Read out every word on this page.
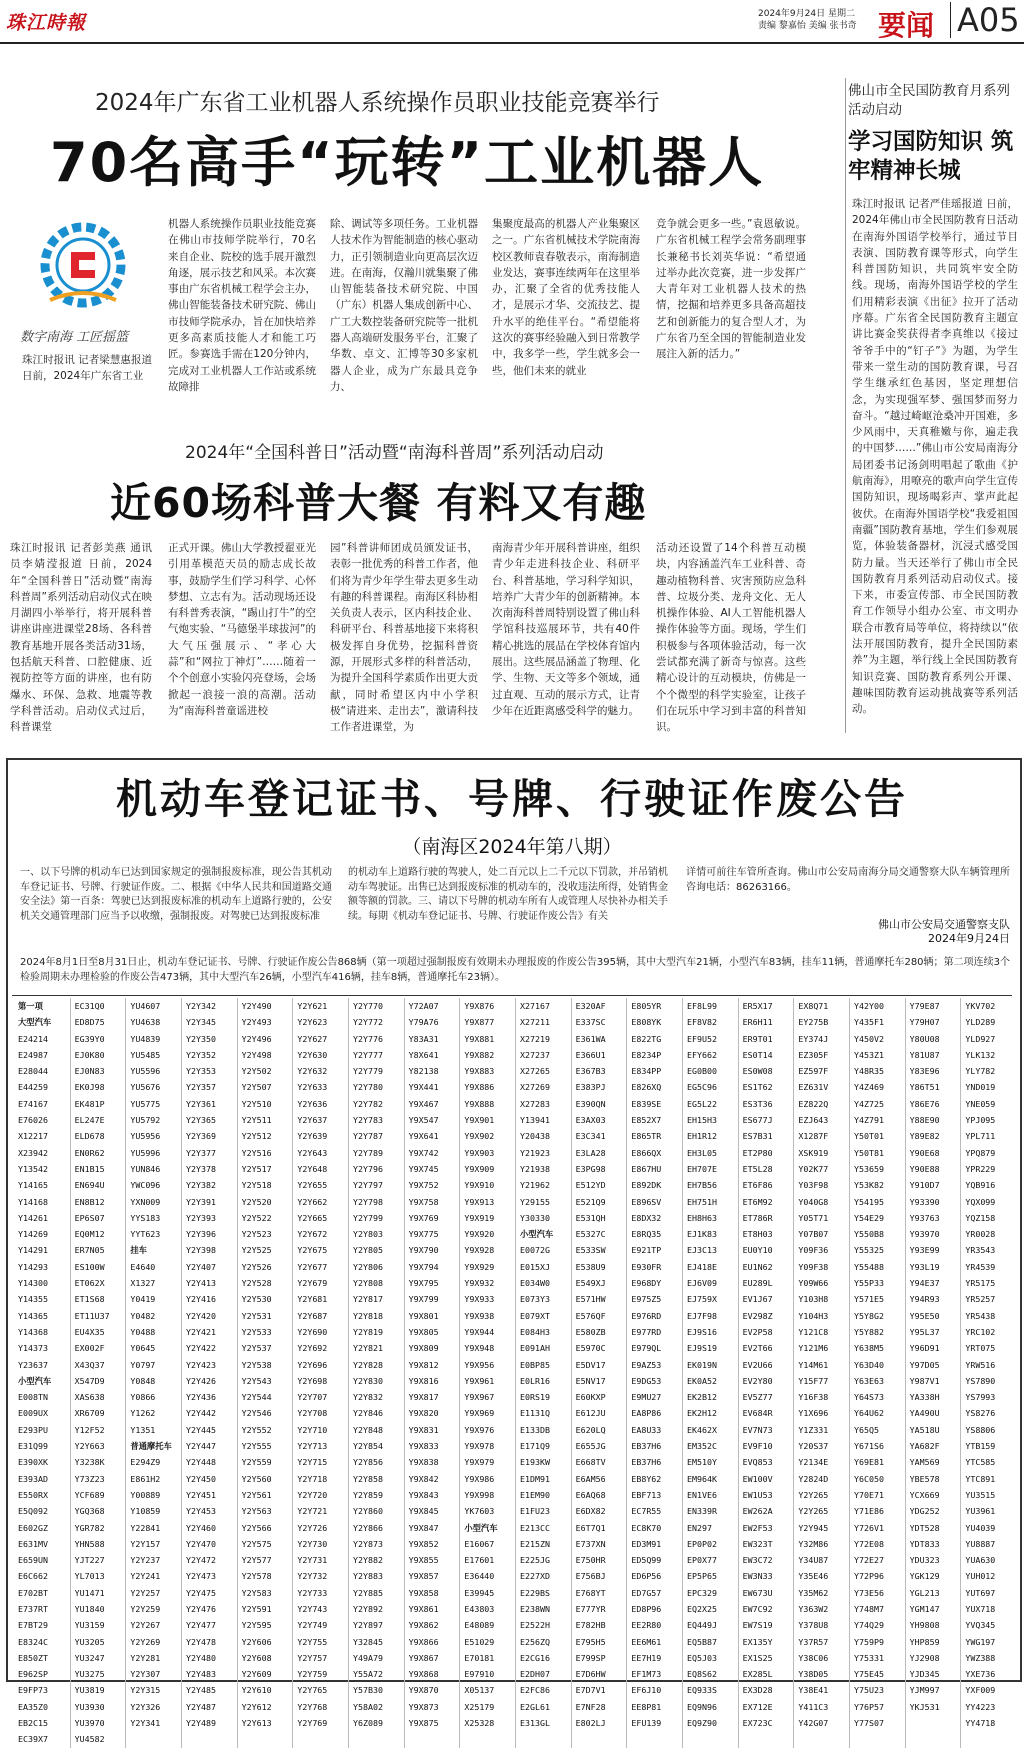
珠江時報	2024年9月24日 星期二
责编 黎嘉怡 美编 张书奇 要闻 A05
2024年广东省工业机器人系统操作员职业技能竞赛举行
70名高手“玩转”工业机器人
数字南海 工匠摇篮
珠江时报讯 记者梁慧惠报道 日前，2024年广东省工业
机器人系统操作员职业技能竞赛在佛山市技师学院举行，70名来自企业、院校的选手展开激烈角逐，展示技艺和风采。本次赛事由广东省机械工程学会主办，佛山智能装备技术研究院、佛山市技师学院承办，旨在加快培养更多高素质技能人才和能工巧匠。参赛选手需在120分钟内，完成对工业机器人工作站或系统故障排
除、调试等多项任务。工业机器人技术作为智能制造的核心驱动力，正引领制造业向更高层次迈进。在南海，仅瀚川就集聚了佛山智能装备技术研究院、中国（广东）机器人集成创新中心、广工大数控装备研究院等一批机器人高端研发服务平台，汇聚了华数、卓文、汇博等30多家机器人企业，成为广东最具竞争力、
集聚度最高的机器人产业集聚区之一。广东省机械技术学院南海校区教师袁春敬表示，南海制造业发达，赛事连续两年在这里举办，汇聚了全省的优秀技能人才，是展示才华、交流技艺、提升水平的绝佳平台。“希望能将这次的赛事经验融入到日常教学中，我多学一些，学生就多会一些，他们未来的就业
竞争就会更多一些。”袁恩敏说。广东省机械工程学会常务副理事长兼秘书长刘英华说：“希望通过举办此次竞赛，进一步发挥广大青年对工业机器人技术的热情，挖掘和培养更多具备高超技艺和创新能力的复合型人才，为广东省乃至全国的智能制造业发展注入新的活力。”
佛山市全民国防教育月系列活动启动
学习国防知识 筑牢精神长城
珠江时报讯 记者严佳瑶报道 日前，2024年佛山市全民国防教育日活动在南海外国语学校举行，通过节目表演、国防教育课等形式，向学生科普国防知识，共同筑牢安全防线。现场，南海外国语学校的学生们用精彩表演《出征》拉开了活动序幕。广东省全民国防教育主题宣讲比赛金奖获得者李真维以《接过爷爷手中的“钉子”》为题，为学生带来一堂生动的国防教育课，号召学生继承红色基因，坚定理想信念，为实现强军梦、强国梦而努力奋斗。“越过崎岖沧桑冲开国难，多少风雨中，天真稚嫩与你，遍走我的中国梦……”佛山市公安局南海分局团委书记汤剑明唱起了歌曲《护航南海》，用嘹亮的歌声向学生宣传国防知识，现场喝彩声、掌声此起彼伏。在南海外国语学校“我爱祖国南疆”国防教育基地，学生们参观展览，体验装备器材，沉浸式感受国防力量。当天还举行了佛山市全民国防教育月系列活动启动仪式。接下来，市委宣传部、市全民国防教育工作领导小组办公室、市文明办联合市教育局等单位，将持续以“依法开展国防教育，提升全民国防素养”为主题，举行线上全民国防教育知识竞赛、国防教育系列公开课、趣味国防教育运动挑战赛等系列活动。
2024年“全国科普日”活动暨“南海科普周”系列活动启动
近60场科普大餐 有料又有趣
珠江时报讯 记者彭美燕 通讯员李婧滢报道 日前，2024年“全国科普日”活动暨“南海科普周”系列活动启动仪式在映月湖四小举举行，将开展科普讲座讲座进课堂28场、各科普教育基地开展各类活动31场，包括航天科普、口腔健康、近视防控等方面的讲座，也有防爆水、环保、急救、地震等教学科普活动。启动仪式过后，科普课堂
正式开课。佛山大学教授翟亚光引用革模范天员的励志成长故事，鼓励学生们学习科学、心怀梦想、立志有为。活动现场还设有科普秀表演，“踢山打牛”的空气炮实验、“马德堡半球拔河”的大气压强展示、“孝心大蒜”和“网拉丁神灯”……随着一个个创意小实验闪亮登场，会场掀起一浪接一浪的高潮。活动为“南海科普童谣进校
园”科普讲师团成员颁发证书，表彰一批优秀的科普工作者，他们将为青少年学生带去更多生动有趣的科普课程。南海区科协相关负责人表示，区内科技企业、科研平台、科普基地接下来将积极发挥自身优势，挖掘科普资源，开展形式多样的科普活动，为提升全国科学素质作出更大贡献，同时希望区内中小学积极“请进来、走出去”，激请科技工作者进课堂，为
南海青少年开展科普讲座，组织青少年走进科技企业、科研平台、科普基地，学习科学知识，培养广大青少年的创新精神。本次南海科普周特别设置了佛山科学馆科技巡展环节，共有40件精心挑选的展品在学校体育馆内展出。这些展品涵盖了物理、化学、生物、天文等多个领域，通过直观、互动的展示方式，让青少年在近距离感受科学的魅力。
活动还设置了14个科普互动模块，内容涵盖汽车工业科普、奇趣动植物科普、灾害预防应急科普、垃圾分类、龙舟文化、无人机操作体验、AI人工智能机器人操作体验等方面。现场，学生们积极参与各项体验活动，每一次尝试都充满了新奇与惊喜。这些精心设计的互动模块，仿佛是一个个微型的科学实验室，让孩子们在玩乐中学习到丰富的科普知识。
机动车登记证书、号牌、行驶证作废公告
（南海区2024年第八期）
一、以下号牌的机动车已达到国家规定的强制报废标准，现公告其机动车登记证书、号牌、行驶证作废。二、根据《中华人民共和国道路交通安全法》第一百条：驾驶已达到报废标准的机动车上道路行驶的，公安机关交通管理部门应当予以收缴，强制报废。对驾驶已达到报废标准
的机动车上道路行驶的驾驶人，处二百元以上二千元以下罚款，并吊销机动车驾驶证。出售已达到报废标准的机动车的，没收违法所得，处销售金额等额的罚款。三、请以下号牌的机动车所有人或管理人尽快补办相关手续。每期《机动车登记证书、号牌、行驶证作废公告》有关
详情可前往车管所查询。佛山市公安局南海分局交通警察大队车辆管理所咨询电话：86263166。
佛山市公安局交通警察支队
2024年9月24日
2024年8月1日至8月31日止，机动车登记证书、号牌、行驶证作废公告868辆（第一项超过强制报废有效期未办理报废的作废公告395辆，其中大型汽车21辆，小型汽车83辆，挂车11辆，普通摩托车280辆；第二项连续3个检验周期未办理检验的作废公告473辆，其中大型汽车26辆，小型汽车416辆，挂车8辆，普通摩托车23辆）。
第一项
大型汽车
E24214
E24987
E28044
E44259
E74167
E76026
X12217
X23942
Y13542
Y14165
Y14168
Y14261
Y14269
Y14291
Y14293
Y14300
Y14355
Y14365
Y14368
Y14373
Y23637
小型汽车
E008TN
E009UX
E293PU
E31Q99
E390XK
E393AD
E550RX
E5Q092
E602GZ
E631MV
E659UN
E6C662
E702BT
E737RT
E7BT29
E8324C
E850ZT
E962SP
E9FP73
EA35Z0
EB2C15
EC39X7
EC31Q0
ED8D75
EG39Y0
EJ0K80
EJ0N83
EK0J98
EK481P
EL247E
ELD678
EN0R62
EN1B15
EN694U
EN8B12
EP6S07
EQ0M12
ER7N05
ES100W
ET062X
ET1S68
ET11U37
EU4X35
EX002F
X43Q37
X547D9
XAS638
XR6709
Y12F52
Y2Y663
Y3238K
Y73Z23
YCF689
YGQ368
YGR782
YHN588
YJT227
YL7013
YU1471
YU1840
YU3159
YU3205
YU3247
YU3275
YU3819
YU3930
YU3970
YU4582
YU4607
YU4638
YU4839
YU5485
YU5596
YU5676
YU5775
YU5792
YU5956
YU5996
YUN846
YWC096
YXN009
YYS183
YYT623
挂车
E4640
X1327
Y0419
Y0482
Y0488
Y0645
Y0797
Y0848
Y0866
Y1262
Y1351
普通摩托车
E294Z9
E861H2
Y00889
Y10859
Y22841
Y2Y157
Y2Y237
Y2Y241
Y2Y257
Y2Y259
Y2Y267
Y2Y269
Y2Y281
Y2Y307
Y2Y315
Y2Y326
Y2Y341
Y2Y342
Y2Y345
Y2Y350
Y2Y352
Y2Y353
Y2Y357
Y2Y361
Y2Y365
Y2Y369
Y2Y377
Y2Y378
Y2Y382
Y2Y391
Y2Y393
Y2Y396
Y2Y398
Y2Y407
Y2Y413
Y2Y416
Y2Y420
Y2Y421
Y2Y422
Y2Y423
Y2Y426
Y2Y436
Y2Y442
Y2Y445
Y2Y447
Y2Y448
Y2Y450
Y2Y451
Y2Y453
Y2Y460
Y2Y470
Y2Y472
Y2Y473
Y2Y475
Y2Y476
Y2Y477
Y2Y478
Y2Y480
Y2Y483
Y2Y485
Y2Y487
Y2Y489
Y2Y490
Y2Y493
Y2Y496
Y2Y498
Y2Y502
Y2Y507
Y2Y510
Y2Y511
Y2Y512
Y2Y516
Y2Y517
Y2Y518
Y2Y520
Y2Y522
Y2Y523
Y2Y525
Y2Y526
Y2Y528
Y2Y530
Y2Y531
Y2Y533
Y2Y537
Y2Y538
Y2Y543
Y2Y544
Y2Y546
Y2Y552
Y2Y555
Y2Y559
Y2Y560
Y2Y561
Y2Y563
Y2Y566
Y2Y575
Y2Y577
Y2Y578
Y2Y583
Y2Y591
Y2Y595
Y2Y606
Y2Y608
Y2Y609
Y2Y610
Y2Y612
Y2Y613
Y2Y621
Y2Y623
Y2Y627
Y2Y630
Y2Y632
Y2Y633
Y2Y636
Y2Y637
Y2Y639
Y2Y643
Y2Y648
Y2Y655
Y2Y662
Y2Y665
Y2Y672
Y2Y675
Y2Y677
Y2Y679
Y2Y681
Y2Y687
Y2Y690
Y2Y692
Y2Y696
Y2Y698
Y2Y707
Y2Y708
Y2Y710
Y2Y713
Y2Y715
Y2Y718
Y2Y720
Y2Y721
Y2Y726
Y2Y730
Y2Y731
Y2Y732
Y2Y733
Y2Y743
Y2Y749
Y2Y755
Y2Y757
Y2Y759
Y2Y765
Y2Y768
Y2Y769
Y2Y770
Y2Y772
Y2Y776
Y2Y777
Y2Y779
Y2Y780
Y2Y782
Y2Y783
Y2Y787
Y2Y789
Y2Y796
Y2Y797
Y2Y798
Y2Y799
Y2Y803
Y2Y805
Y2Y806
Y2Y808
Y2Y817
Y2Y818
Y2Y819
Y2Y821
Y2Y828
Y2Y830
Y2Y832
Y2Y846
Y2Y848
Y2Y854
Y2Y856
Y2Y858
Y2Y859
Y2Y860
Y2Y866
Y2Y873
Y2Y882
Y2Y883
Y2Y885
Y2Y892
Y2Y897
Y32845
Y49A79
Y55A72
Y57B30
Y58A02
Y6Z089
Y72A07
Y79A76
Y83A31
Y8X641
Y82138
Y9X441
Y9X467
Y9X547
Y9X641
Y9X742
Y9X745
Y9X752
Y9X758
Y9X769
Y9X775
Y9X790
Y9X794
Y9X795
Y9X799
Y9X801
Y9X805
Y9X809
Y9X812
Y9X816
Y9X817
Y9X820
Y9X831
Y9X833
Y9X838
Y9X842
Y9X843
Y9X845
Y9X847
Y9X852
Y9X855
Y9X857
Y9X858
Y9X861
Y9X862
Y9X866
Y9X867
Y9X868
Y9X870
Y9X873
Y9X875
Y9X876
Y9X877
Y9X881
Y9X882
Y9X883
Y9X886
Y9X888
Y9X901
Y9X902
Y9X903
Y9X909
Y9X910
Y9X913
Y9X919
Y9X920
Y9X928
Y9X929
Y9X932
Y9X933
Y9X938
Y9X944
Y9X948
Y9X956
Y9X961
Y9X967
Y9X969
Y9X976
Y9X978
Y9X979
Y9X986
Y9X998
YK7603
小型汽车
E16067
E17601
E36440
E39945
E43803
E48089
E51029
E70181
E97910
X05137
X25179
X25328
X27167
X27211
X27219
X27237
X27265
X27269
X27283
Y13941
Y20438
Y21923
Y21938
Y21962
Y29155
Y30330
小型汽车
E0072G
E015XJ
E034W0
E073Y3
E079XT
E084H3
E091AH
E0BP85
E0LR16
E0RS19
E1131Q
E133DB
E171Q9
E193KW
E1DM91
E1EM90
E1FU23
E213CC
E215ZN
E225JG
E227XD
E229BS
E238WN
E2522H
E256ZQ
E2CG16
E2DH07
E2FC86
E2GL61
E313GL
E320AF
E337SC
E361WA
E366U1
E367B3
E383PJ
E390QN
E3AX03
E3C341
E3LA28
E3PG98
E512YD
E521Q9
E531QH
E5327C
E533SW
E538U9
E549XJ
E571HW
E576QF
E580ZB
E5970C
E5DV17
E5NV17
E60KXP
E612JU
E620LQ
E655JG
E668TV
E6AM56
E6AQ68
E6DX82
E6T7Q1
E737XN
E750HR
E756BJ
E768YT
E777YR
E782HB
E795H5
E799SP
E7D6HW
E7D7V1
E7NF28
E802LJ
E805YR
E808YK
E822TG
E8234P
E834PP
E826XQ
E839SE
E852X7
E865TR
E866QX
E867HU
E892DK
E896SV
E8DX32
E8RQ35
E921TP
E930FR
E968DY
E975Z5
E976RD
E977RD
E979QL
E9AZ53
E9DG53
E9MU27
EA8P86
EA8U33
EB37H6
EB37H6
EB8Y62
EBF713
EC7R55
EC8K70
ED3M91
ED5Q99
ED6P56
ED7G57
ED8P96
EE2R80
EE6M61
EE7H19
EF1M73
EF6J10
EE8P81
EFU139
EF8L99
EF8V82
EF9U52
EFY662
EG0B00
EG5C96
EG5L22
EH15H3
EH1R12
EH3L05
EH707E
EH7B56
EH751H
EH8H63
EJ1K83
EJ3C13
EJ418E
EJ6V09
EJ759X
EJ7F98
EJ9S16
EJ9S19
EK019N
EK0A52
EK2B12
EK2H12
EK462X
EM352C
EM510Y
EM964K
EN1VE6
EN339R
EN297
EP0P02
EP0X77
EP5P65
EPC329
EQ2X25
EQ449J
EQ5B87
EQ5J03
EQ8S62
EQ933S
EQ9N96
EQ9Z90
ER5X17
ER6H11
ER9T01
ES0T14
ES0W08
ES1T62
ES3T36
ES677J
ES7B31
ET2P80
ET5L28
ET6F86
ET6M92
ET786R
ET8H03
EU0Y10
EU1N62
EU289L
EV1J67
EV298Z
EV2P58
EV2T66
EV2U66
EV2Y80
EV5Z77
EV684R
EV7N73
EV9F10
EVQ853
EW100V
EW1U53
EW262A
EW2F53
EW323T
EW3C72
EW3N33
EW673U
EW7C92
EW7S19
EX135Y
EX1S25
EX285L
EX3D28
EX712E
EX723C
EX8Q71
EY275B
EY374J
EZ305F
EZ597F
EZ631V
EZ822Q
EZJ643
X1287F
XSK919
Y02K77
Y03F98
Y040G8
Y05T71
Y07B07
Y09F36
Y09F38
Y09W66
Y103H8
Y104H3
Y121C8
Y121M6
Y14M61
Y15F77
Y16F38
Y1X696
Y1Z331
Y20S37
Y2134E
Y2824D
Y2Y265
Y2Y265
Y2Y945
Y32M86
Y34U87
Y35E46
Y35M62
Y363W2
Y378U8
Y37R57
Y38C06
Y38D05
Y38E41
Y411C3
Y42G07
Y42Y00
Y435F1
Y450V2
Y453Z1
Y48R35
Y4Z469
Y4Z725
Y4Z791
Y50T01
Y50T81
Y53659
Y53K82
Y54195
Y54E29
Y550B8
Y55325
Y55488
Y55P33
Y571E5
Y5Y8G2
Y5Y882
Y638M5
Y63D40
Y63E63
Y64S73
Y64U62
Y65Q5
Y671S6
Y69E81
Y6C050
Y70E71
Y71E86
Y726V1
Y72E08
Y72E27
Y72P96
Y73E56
Y748M7
Y74Q29
Y759P9
Y75331
Y75E45
Y75U23
Y76P57
Y77S07
Y79E87
Y79H07
Y80U08
Y81U87
Y83E96
Y86T51
Y86E76
Y88E90
Y89E82
Y90E68
Y90E88
Y910D7
Y93390
Y93763
Y93970
Y93E99
Y93L19
Y94E37
Y94R93
Y95E50
Y95L37
Y96D91
Y97D05
Y987V1
YA338H
YA490U
YA518U
YA682F
YAM569
YBE578
YCX669
YDG252
YDT528
YDT833
YDU323
YGK129
YGL213
YGM147
YH9808
YHP859
YJ2908
YJD345
YJM997
YKJ531
YKV702
YLD289
YLD927
YLK132
YLY782
YND019
YNE059
YPJ095
YPL711
YPQ879
YPR229
YQB916
YQX099
YQZ158
YR0028
YR3543
YR4539
YR5175
YR5257
YR5438
YRC102
YRT075
YRW516
YS7890
YS7993
YS8276
YS8806
YTB159
YTC585
YTC891
YU3515
YU3961
YU4039
YU8887
YUA630
YUH012
YUT697
YUX718
YVQ345
YWG197
YWZ388
YXE736
YXF009
YY4223
YY4718
